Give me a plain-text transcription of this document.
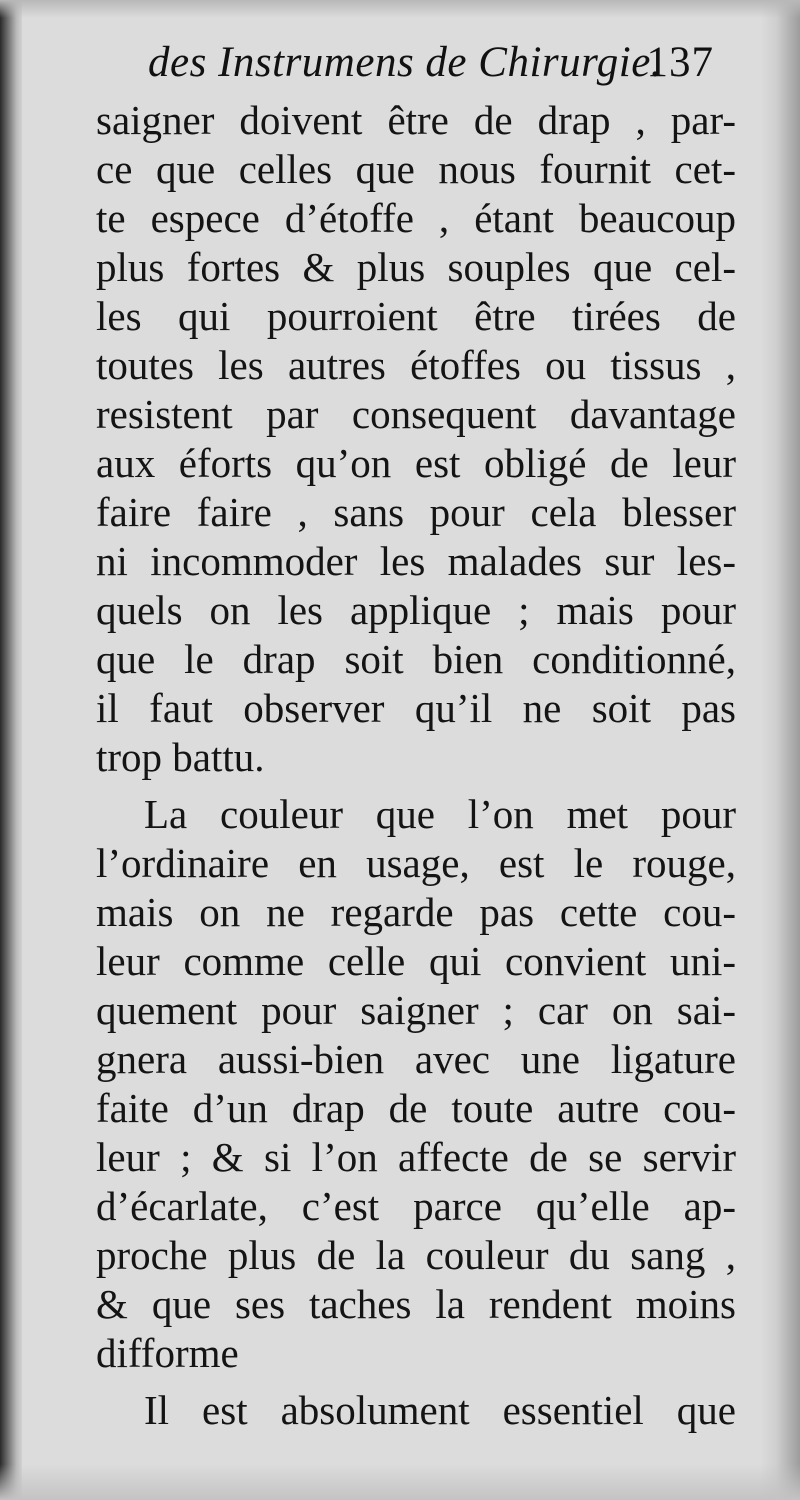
des Instrumens de Chirurgie.
137
saigner doivent être de drap , par-
ce que celles que nous fournit cet-
te espece d’étoffe , étant beaucoup
plus fortes & plus souples que cel-
les qui pourroient être tirées de
toutes les autres étoffes ou tissus ,
resistent par consequent davantage
aux éforts qu’on est obligé de leur
faire faire , sans pour cela blesser
ni incommoder les malades sur les-
quels on les applique ; mais pour
que le drap soit bien conditionné,
il faut observer qu’il ne soit pas
trop battu.
La couleur que l’on met pour
l’ordinaire en usage, est le rouge,
mais on ne regarde pas cette cou-
leur comme celle qui convient uni-
quement pour saigner ; car on sai-
gnera aussi-bien avec une ligature
faite d’un drap de toute autre cou-
leur ; & si l’on affecte de se servir
d’écarlate, c’est parce qu’elle ap-
proche plus de la couleur du sang ,
& que ses taches la rendent moins
difforme
Il est absolument essentiel que
